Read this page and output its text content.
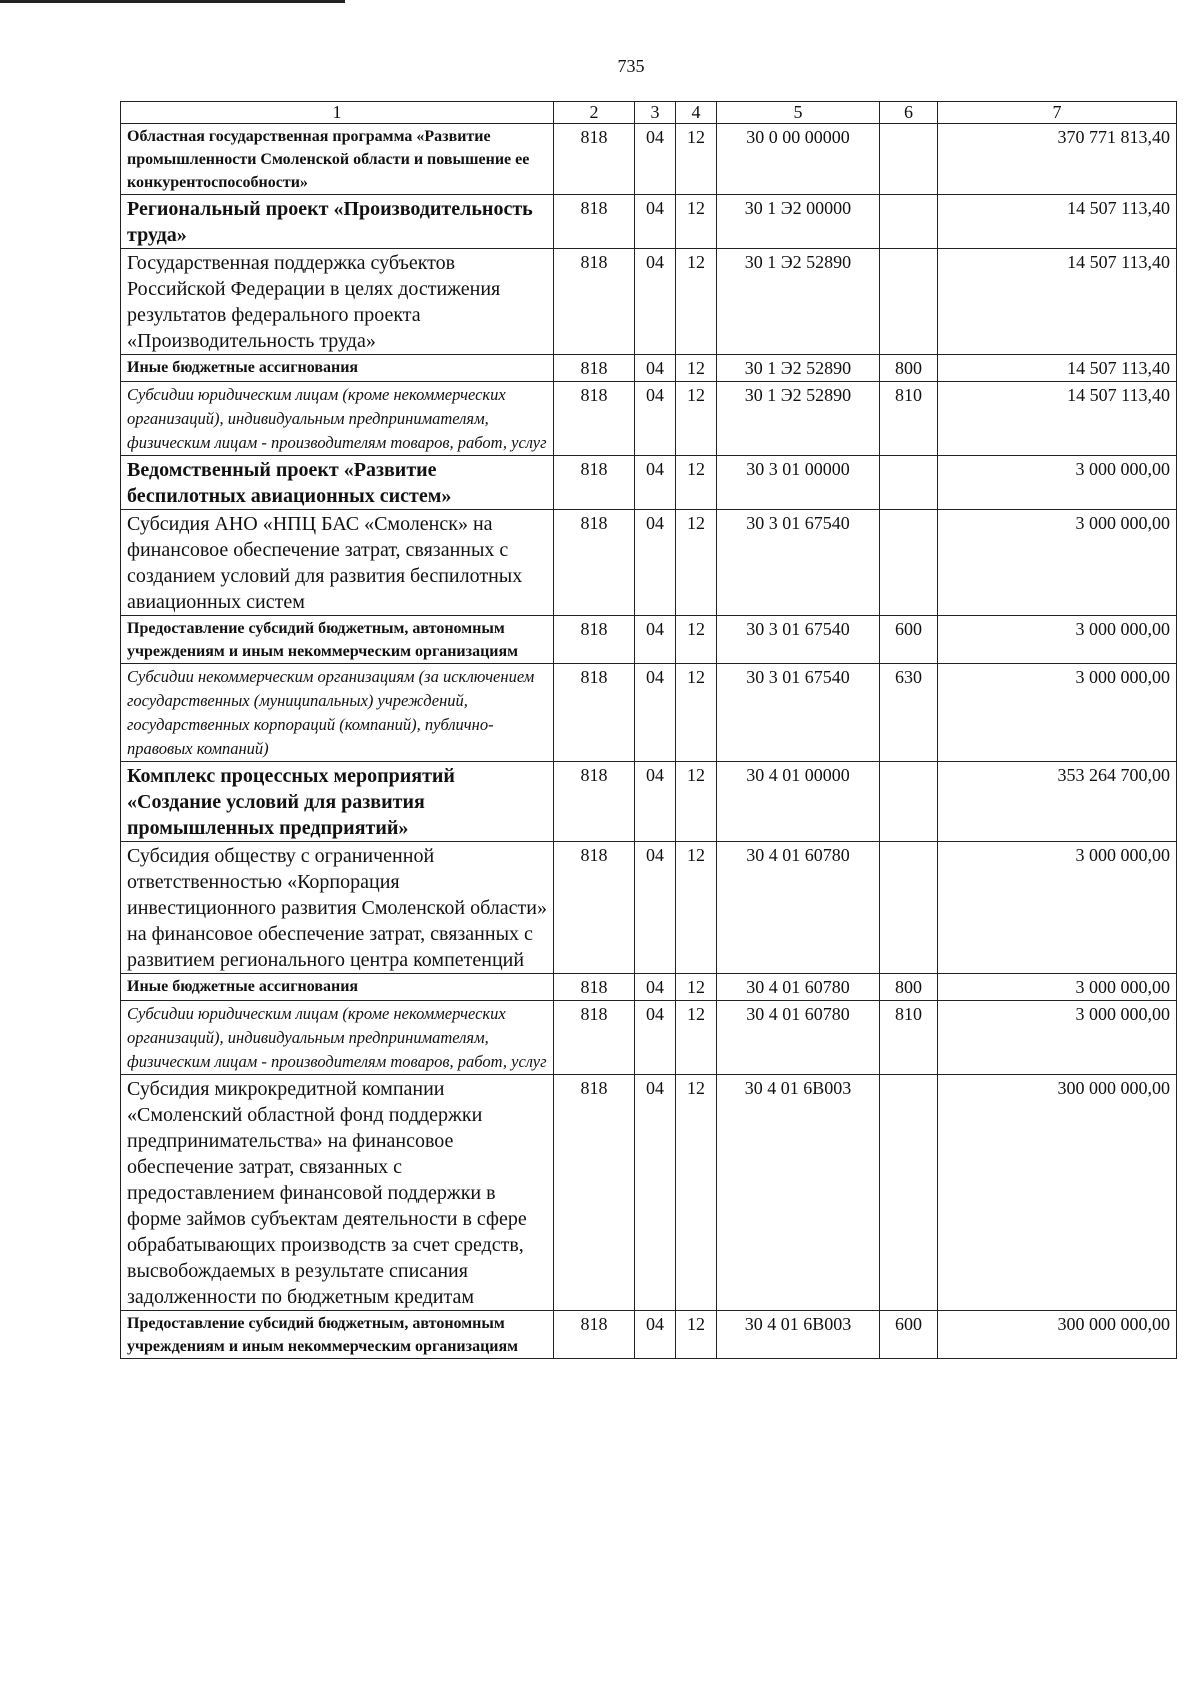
735
1	2	3	4	5	6	7
Областная государственная программа «Развитие промышленности Смоленской области и повышение ее конкурентоспособности»	818	04	12	30 0 00 00000		370 771 813,40
Региональный проект «Производительность труда»	818	04	12	30 1 Э2 00000		14 507 113,40
Государственная поддержка субъектов Российской Федерации в целях достижения результатов федерального проекта «Производительность труда»	818	04	12	30 1 Э2 52890		14 507 113,40
Иные бюджетные ассигнования	818	04	12	30 1 Э2 52890	800	14 507 113,40
Субсидии юридическим лицам (кроме некоммерческих организаций), индивидуальным предпринимателям, физическим лицам - производителям товаров, работ, услуг	818	04	12	30 1 Э2 52890	810	14 507 113,40
Ведомственный проект «Развитие беспилотных авиационных систем»	818	04	12	30 3 01 00000		3 000 000,00
Субсидия АНО «НПЦ БАС «Смоленск» на финансовое обеспечение затрат, связанных с созданием условий для развития беспилотных авиационных систем	818	04	12	30 3 01 67540		3 000 000,00
Предоставление субсидий бюджетным, автономным учреждениям и иным некоммерческим организациям	818	04	12	30 3 01 67540	600	3 000 000,00
Субсидии некоммерческим организациям (за исключением государственных (муниципальных) учреждений, государственных корпораций (компаний), публично-правовых компаний)	818	04	12	30 3 01 67540	630	3 000 000,00
Комплекс процессных мероприятий «Создание условий для развития промышленных предприятий»	818	04	12	30 4 01 00000		353 264 700,00
Субсидия обществу с ограниченной ответственностью «Корпорация инвестиционного развития Смоленской области» на финансовое обеспечение затрат, связанных с развитием регионального центра компетенций	818	04	12	30 4 01 60780		3 000 000,00
Иные бюджетные ассигнования	818	04	12	30 4 01 60780	800	3 000 000,00
Субсидии юридическим лицам (кроме некоммерческих организаций), индивидуальным предпринимателям, физическим лицам - производителям товаров, работ, услуг	818	04	12	30 4 01 60780	810	3 000 000,00
Субсидия микрокредитной компании «Смоленский областной фонд поддержки предпринимательства» на финансовое обеспечение затрат, связанных с предоставлением финансовой поддержки в форме займов субъектам деятельности в сфере обрабатывающих производств за счет средств, высвобождаемых в результате списания задолженности по бюджетным кредитам	818	04	12	30 4 01 6В003		300 000 000,00
Предоставление субсидий бюджетным, автономным учреждениям и иным некоммерческим организациям	818	04	12	30 4 01 6В003	600	300 000 000,00
